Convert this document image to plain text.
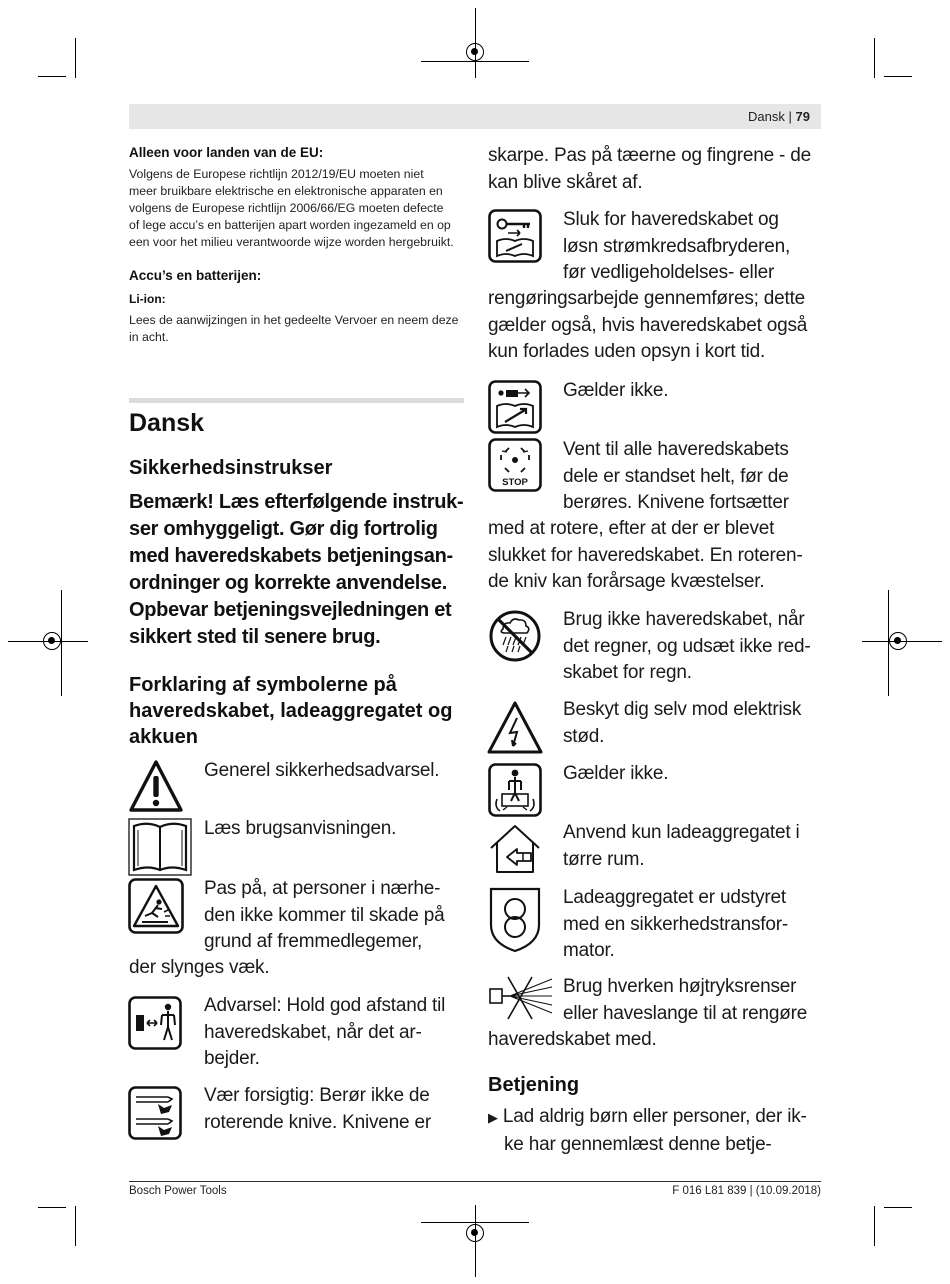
Dansk | 79
Alleen voor landen van de EU:
Volgens de Europese richtlijn 2012/19/EU moeten niet
meer bruikbare elektrische en elektronische apparaten en
volgens de Europese richtlijn 2006/66/EG moeten defecte
of lege accu’s en batterijen apart worden ingezameld en op
een voor het milieu verantwoorde wijze worden hergebruikt.
Accu’s en batterijen:
Li-ion:
Lees de aanwijzingen in het gedeelte Vervoer en neem deze
in acht.
Dansk
Sikkerhedsinstrukser
Bemærk! Læs efterfølgende instruk-
ser omhyggeligt. Gør dig fortrolig
med haveredskabets betjeningsan-
ordninger og korrekte anvendelse.
Opbevar betjeningsvejledningen et
sikkert sted til senere brug.
Forklaring af symbolerne på
haveredskabet, ladeaggregatet og
akkuen
Generel sikkerhedsadvarsel.
Læs brugsanvisningen.
Pas på, at personer i nærhe-
den ikke kommer til skade på
grund af fremmedlegemer,
der slynges væk.
Advarsel: Hold god afstand til
haveredskabet, når det ar-
bejder.
Vær forsigtig: Berør ikke de
roterende knive. Knivene er
skarpe. Pas på tæerne og fingrene - de
kan blive skåret af.
Sluk for haveredskabet og
løsn strømkredsafbryderen,
før vedligeholdelses- eller
rengøringsarbejde gennemføres; dette
gælder også, hvis haveredskabet også
kun forlades uden opsyn i kort tid.
Gælder ikke.
STOP
Vent til alle haveredskabets
dele er standset helt, før de
berøres. Knivene fortsætter
med at rotere, efter at der er blevet
slukket for haveredskabet. En roteren-
de kniv kan forårsage kvæstelser.
Brug ikke haveredskabet, når
det regner, og udsæt ikke red-
skabet for regn.
Beskyt dig selv mod elektrisk
stød.
Gælder ikke.
Anvend kun ladeaggregatet i
tørre rum.
Ladeaggregatet er udstyret
med en sikkerhedstransfor-
mator.
Brug hverken højtryksrenser
eller haveslange til at rengøre
haveredskabet med.
Betjening
▶ Lad aldrig børn eller personer, der ik-
ke har gennemlæst denne betje-
Bosch Power Tools	F 016 L81 839 | (10.09.2018)
